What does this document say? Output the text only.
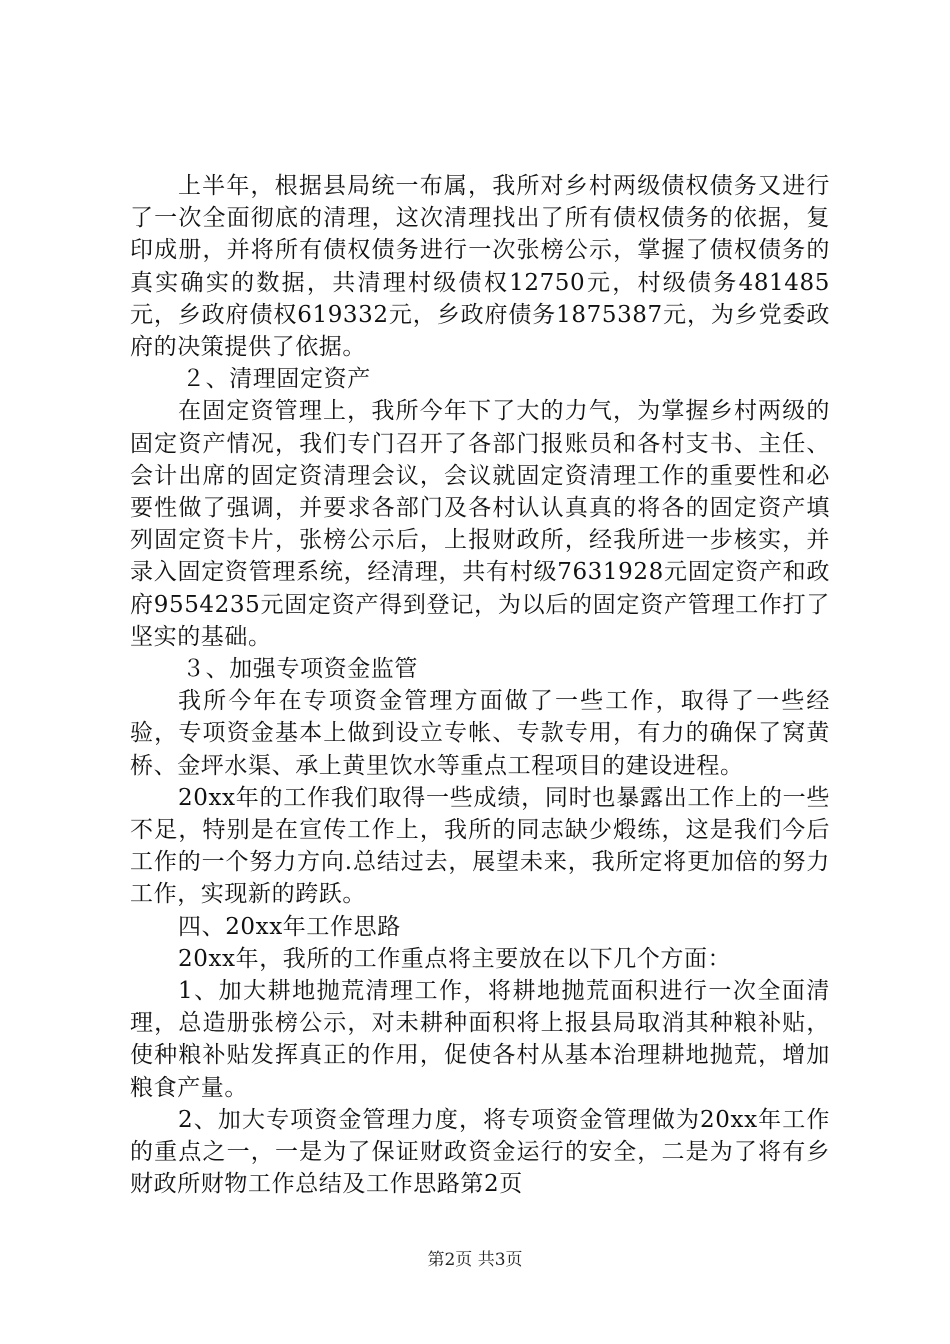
上半年，根据县局统一布属，我所对乡村两级债权债务又进行了一次全面彻底的清理，这次清理找出了所有债权债务的依据，复印成册，并将所有债权债务进行一次张榜公示，掌握了债权债务的真实确实的数据，共清理村级债权12750元，村级债务481485元，乡政府债权619332元，乡政府债务1875387元，为乡党委政府的决策提供了依据。

２、清理固定资产

在固定资管理上，我所今年下了大的力气，为掌握乡村两级的固定资产情况，我们专门召开了各部门报账员和各村支书、主任、会计出席的固定资清理会议，会议就固定资清理工作的重要性和必要性做了强调，并要求各部门及各村认认真真的将各的固定资产填列固定资卡片，张榜公示后，上报财政所，经我所进一步核实，并录入固定资管理系统，经清理，共有村级7631928元固定资产和政府9554235元固定资产得到登记，为以后的固定资产管理工作打了坚实的基础。

３、加强专项资金监管

我所今年在专项资金管理方面做了一些工作，取得了一些经验，专项资金基本上做到设立专帐、专款专用，有力的确保了窝黄桥、金坪水渠、承上黄里饮水等重点工程项目的建设进程。

20xx年的工作我们取得一些成绩，同时也暴露出工作上的一些不足，特别是在宣传工作上，我所的同志缺少煅练，这是我们今后工作的一个努力方向.总结过去，展望未来，我所定将更加倍的努力工作，实现新的跨跃。

四、20xx年工作思路

20xx年，我所的工作重点将主要放在以下几个方面：

1、加大耕地抛荒清理工作，将耕地抛荒面积进行一次全面清理，总造册张榜公示，对未耕种面积将上报县局取消其种粮补贴，使种粮补贴发挥真正的作用，促使各村从基本治理耕地抛荒，增加粮食产量。

2、加大专项资金管理力度，将专项资金管理做为20xx年工作的重点之一，一是为了保证财政资金运行的安全，二是为了将有乡财政所财物工作总结及工作思路第2页

第2页 共3页
